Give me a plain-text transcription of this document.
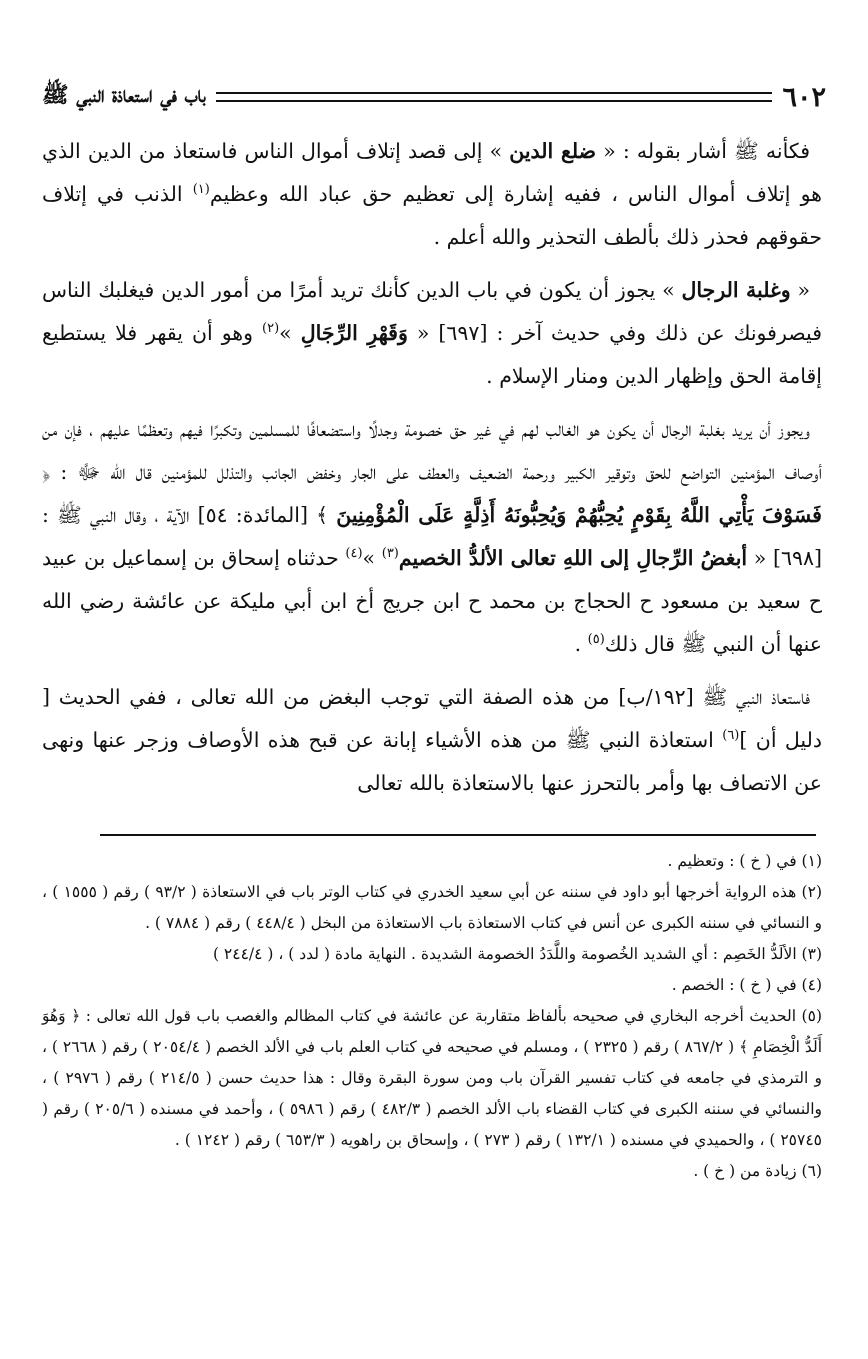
٦٠٢
باب في استعاذة النبي ﷺ

فكأنه ﷺ أشار بقوله : « ضلع الدين » إلى قصد إتلاف أموال الناس فاستعاذ من الدين الذي هو إتلاف أموال الناس ، ففيه إشارة إلى تعظيم حق عباد الله وعظيم$^{(١)}$ الذنب في إتلاف حقوقهم فحذر ذلك بألطف التحذير والله أعلم .

« وغلبة الرجال » يجوز أن يكون في باب الدين كأنك تريد أمرًا من أمور الدين فيغلبك الناس فيصرفونك عن ذلك وفي حديث آخر : [٦٩٧] « وَقَهْرِ الرِّجَالِ »$^{(٢)}$ وهو أن يقهر فلا يستطيع إقامة الحق وإظهار الدين ومنار الإسلام .

ويجوز أن يريد بغلبة الرجال أن يكون هو الغالب لهم في غير حق خصومة وجدلًا واستضعافًا للمسلمين وتكبرًا فيهم وتعظمًا عليهم ، فإن من أوصاف المؤمنين التواضع للحق وتوقير الكبير ورحمة الضعيف والعطف على الجار وخفض الجانب والتذلل للمؤمنين قال الله ﷻ : ﴿ فَسَوْفَ يَأْتِي اللَّهُ بِقَوْمٍ يُحِبُّهُمْ وَيُحِبُّونَهُ أَذِلَّةٍ عَلَى الْمُؤْمِنِينَ ﴾ [المائدة: ٥٤] الآية ، وقال النبي ﷺ : [٦٩٨] « أبغضُ الرِّجالِ إلى اللهِ تعالى الألدُّ الخصيم$^{(٣)}$ »$^{(٤)}$ حدثناه إسحاق بن إسماعيل بن عبيد ح سعيد بن مسعود ح الحجاج بن محمد ح ابن جريج أخ ابن أبي مليكة عن عائشة رضي الله عنها أن النبي ﷺ قال ذلك$^{(٥)}$ .

فاستعاذ النبي ﷺ [١٩٢/ب] من هذه الصفة التي توجب البغض من الله تعالى ، ففي الحديث [ دليل أن ]$^{(٦)}$ استعاذة النبي ﷺ من هذه الأشياء إبانة عن قبح هذه الأوصاف وزجر عنها ونهى عن الاتصاف بها وأمر بالتحرز عنها بالاستعاذة بالله تعالى

(١) في ( خ ) : وتعظيم .

(٢) هذه الرواية أخرجها أبو داود في سننه عن أبي سعيد الخدري في كتاب الوتر باب في الاستعاذة ( ٩٣/٢ ) رقم ( ١٥٥٥ ) ، و النسائي في سننه الكبرى عن أنس في كتاب الاستعاذة باب الاستعاذة من البخل ( ٤٤٨/٤ ) رقم ( ٧٨٨٤ ) .

(٣) الألَدُّ الخَصِم : أي الشديد الخُصومة واللَّدَدُ الخصومة الشديدة . النهاية مادة ( لدد ) ، ( ٢٤٤/٤ )

(٤) في ( خ ) : الخصم .

(٥) الحديث أخرجه البخاري في صحيحه بألفاظ متقاربة عن عائشة في كتاب المظالم والغصب باب قول الله تعالى : ﴿ وَهُوَ أَلَدُّ الْخِصَامِ ﴾ ( ٨٦٧/٢ ) رقم ( ٢٣٢٥ ) ، ومسلم في صحيحه في كتاب العلم باب في الألد الخصم ( ٢٠٥٤/٤ ) رقم ( ٢٦٦٨ ) ، و الترمذي في جامعه في كتاب تفسير القرآن باب ومن سورة البقرة وقال : هذا حديث حسن ( ٢١٤/٥ ) رقم ( ٢٩٧٦ ) ، والنسائي في سننه الكبرى في كتاب القضاء باب الألد الخصم ( ٤٨٢/٣ ) رقم ( ٥٩٨٦ ) ، وأحمد في مسنده ( ٢٠٥/٦ ) رقم ( ٢٥٧٤٥ ) ، والحميدي في مسنده ( ١٣٢/١ ) رقم ( ٢٧٣ ) ، وإسحاق بن راهويه ( ٦٥٣/٣ ) رقم ( ١٢٤٢ ) .

(٦) زيادة من ( خ ) .
